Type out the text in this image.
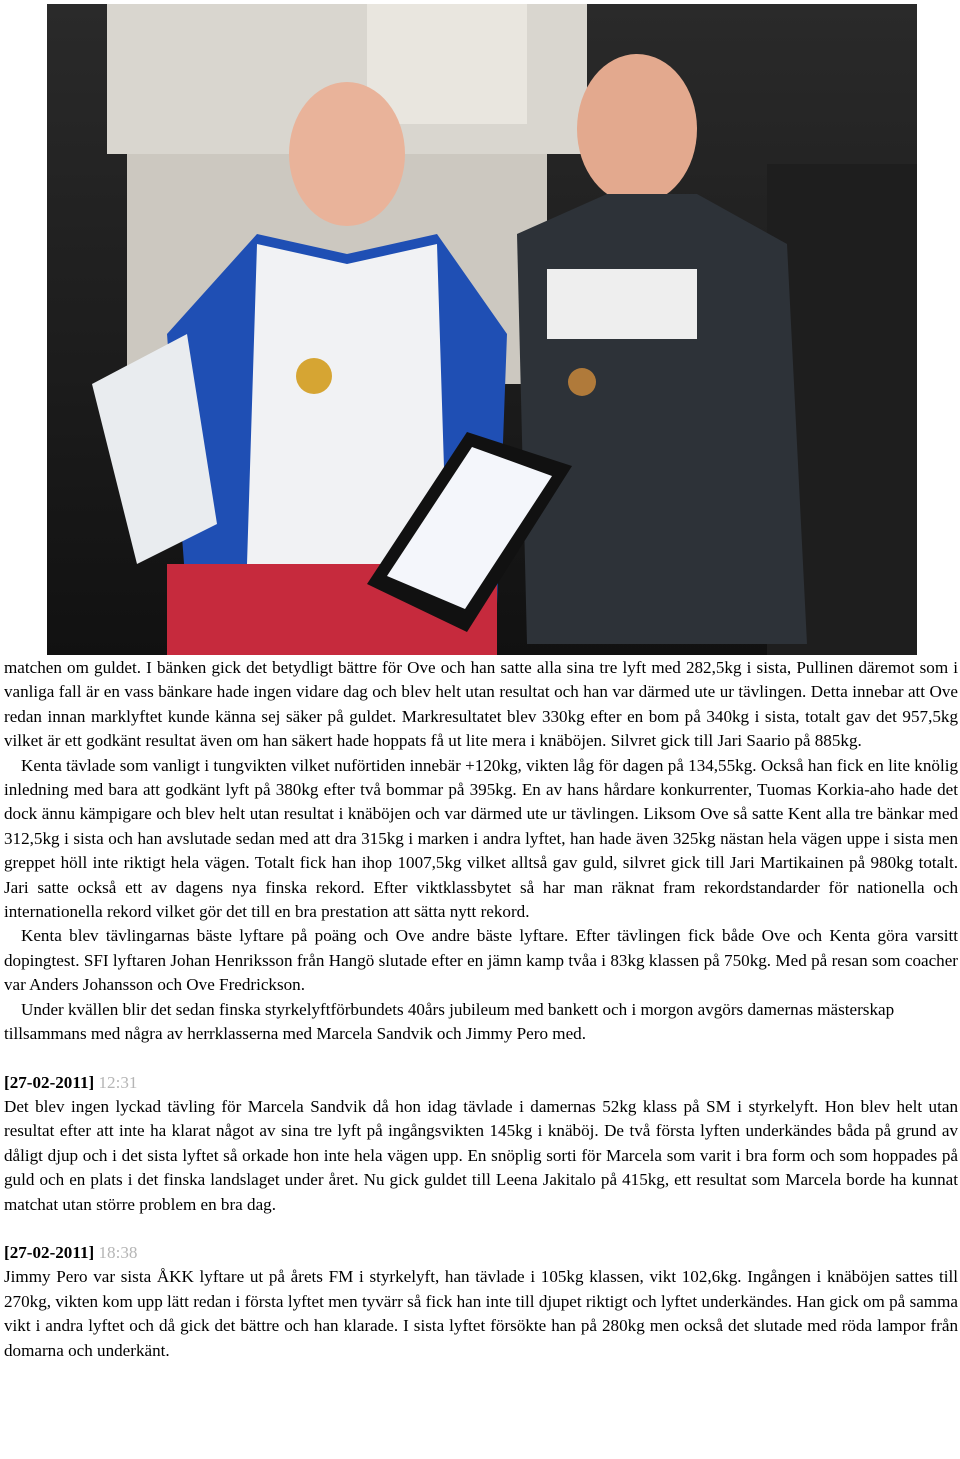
matchen om guldet. I bänken gick det betydligt bättre för Ove och han satte alla sina tre lyft med 282,5kg i sista, Pullinen däremot som i vanliga fall är en vass bänkare hade ingen vidare dag och blev helt utan resultat och han var därmed ute ur tävlingen. Detta innebar att Ove redan innan marklyftet kunde känna sej säker på guldet. Markresultatet blev 330kg efter en bom på 340kg i sista, totalt gav det 957,5kg vilket är ett godkänt resultat även om han säkert hade hoppats få ut lite mera i knäböjen. Silvret gick till Jari Saario på 885kg.

Kenta tävlade som vanligt i tungvikten vilket nuförtiden innebär +120kg, vikten låg för dagen på 134,55kg. Också han fick en lite knölig inledning med bara att godkänt lyft på 380kg efter två bommar på 395kg. En av hans hårdare konkurrenter, Tuomas Korkia-aho hade det dock ännu kämpigare och blev helt utan resultat i knäböjen och var därmed ute ur tävlingen. Liksom Ove så satte Kent alla tre bänkar med 312,5kg i sista och han avslutade sedan med att dra 315kg i marken i andra lyftet, han hade även 325kg nästan hela vägen uppe i sista men greppet höll inte riktigt hela vägen. Totalt fick han ihop 1007,5kg vilket alltså gav guld, silvret gick till Jari Martikainen på 980kg totalt. Jari satte också ett av dagens nya finska rekord. Efter viktklassbytet så har man räknat fram rekordstandarder för nationella och internationella rekord vilket gör det till en bra prestation att sätta nytt rekord.

Kenta blev tävlingarnas bäste lyftare på poäng och Ove andre bäste lyftare. Efter tävlingen fick både Ove och Kenta göra varsitt dopingtest. SFI lyftaren Johan Henriksson från Hangö slutade efter en jämn kamp tvåa i 83kg klassen på 750kg. Med på resan som coacher var Anders Johansson och Ove Fredrickson.

Under kvällen blir det sedan finska styrkelyftförbundets 40års jubileum med bankett och i morgon avgörs damernas mästerskap tillsammans med några av herrklasserna med Marcela Sandvik och Jimmy Pero med.

[27-02-2011] 12:31

Det blev ingen lyckad tävling för Marcela Sandvik då hon idag tävlade i damernas 52kg klass på SM i styrkelyft. Hon blev helt utan resultat efter att inte ha klarat något av sina tre lyft på ingångsvikten 145kg i knäböj. De två första lyften underkändes båda på grund av dåligt djup och i det sista lyftet så orkade hon inte hela vägen upp. En snöplig sorti för Marcela som varit i bra form och som hoppades på guld och en plats i det finska landslaget under året. Nu gick guldet till Leena Jakitalo på 415kg, ett resultat som Marcela borde ha kunnat matchat utan större problem en bra dag.

[27-02-2011] 18:38

Jimmy Pero var sista ÅKK lyftare ut på årets FM i styrkelyft, han tävlade i 105kg klassen, vikt 102,6kg. Ingången i knäböjen sattes till 270kg, vikten kom upp lätt redan i första lyftet men tyvärr så fick han inte till djupet riktigt och lyftet underkändes. Han gick om på samma vikt i andra lyftet och då gick det bättre och han klarade. I sista lyftet försökte han på 280kg men också det slutade med röda lampor från domarna och underkänt.
